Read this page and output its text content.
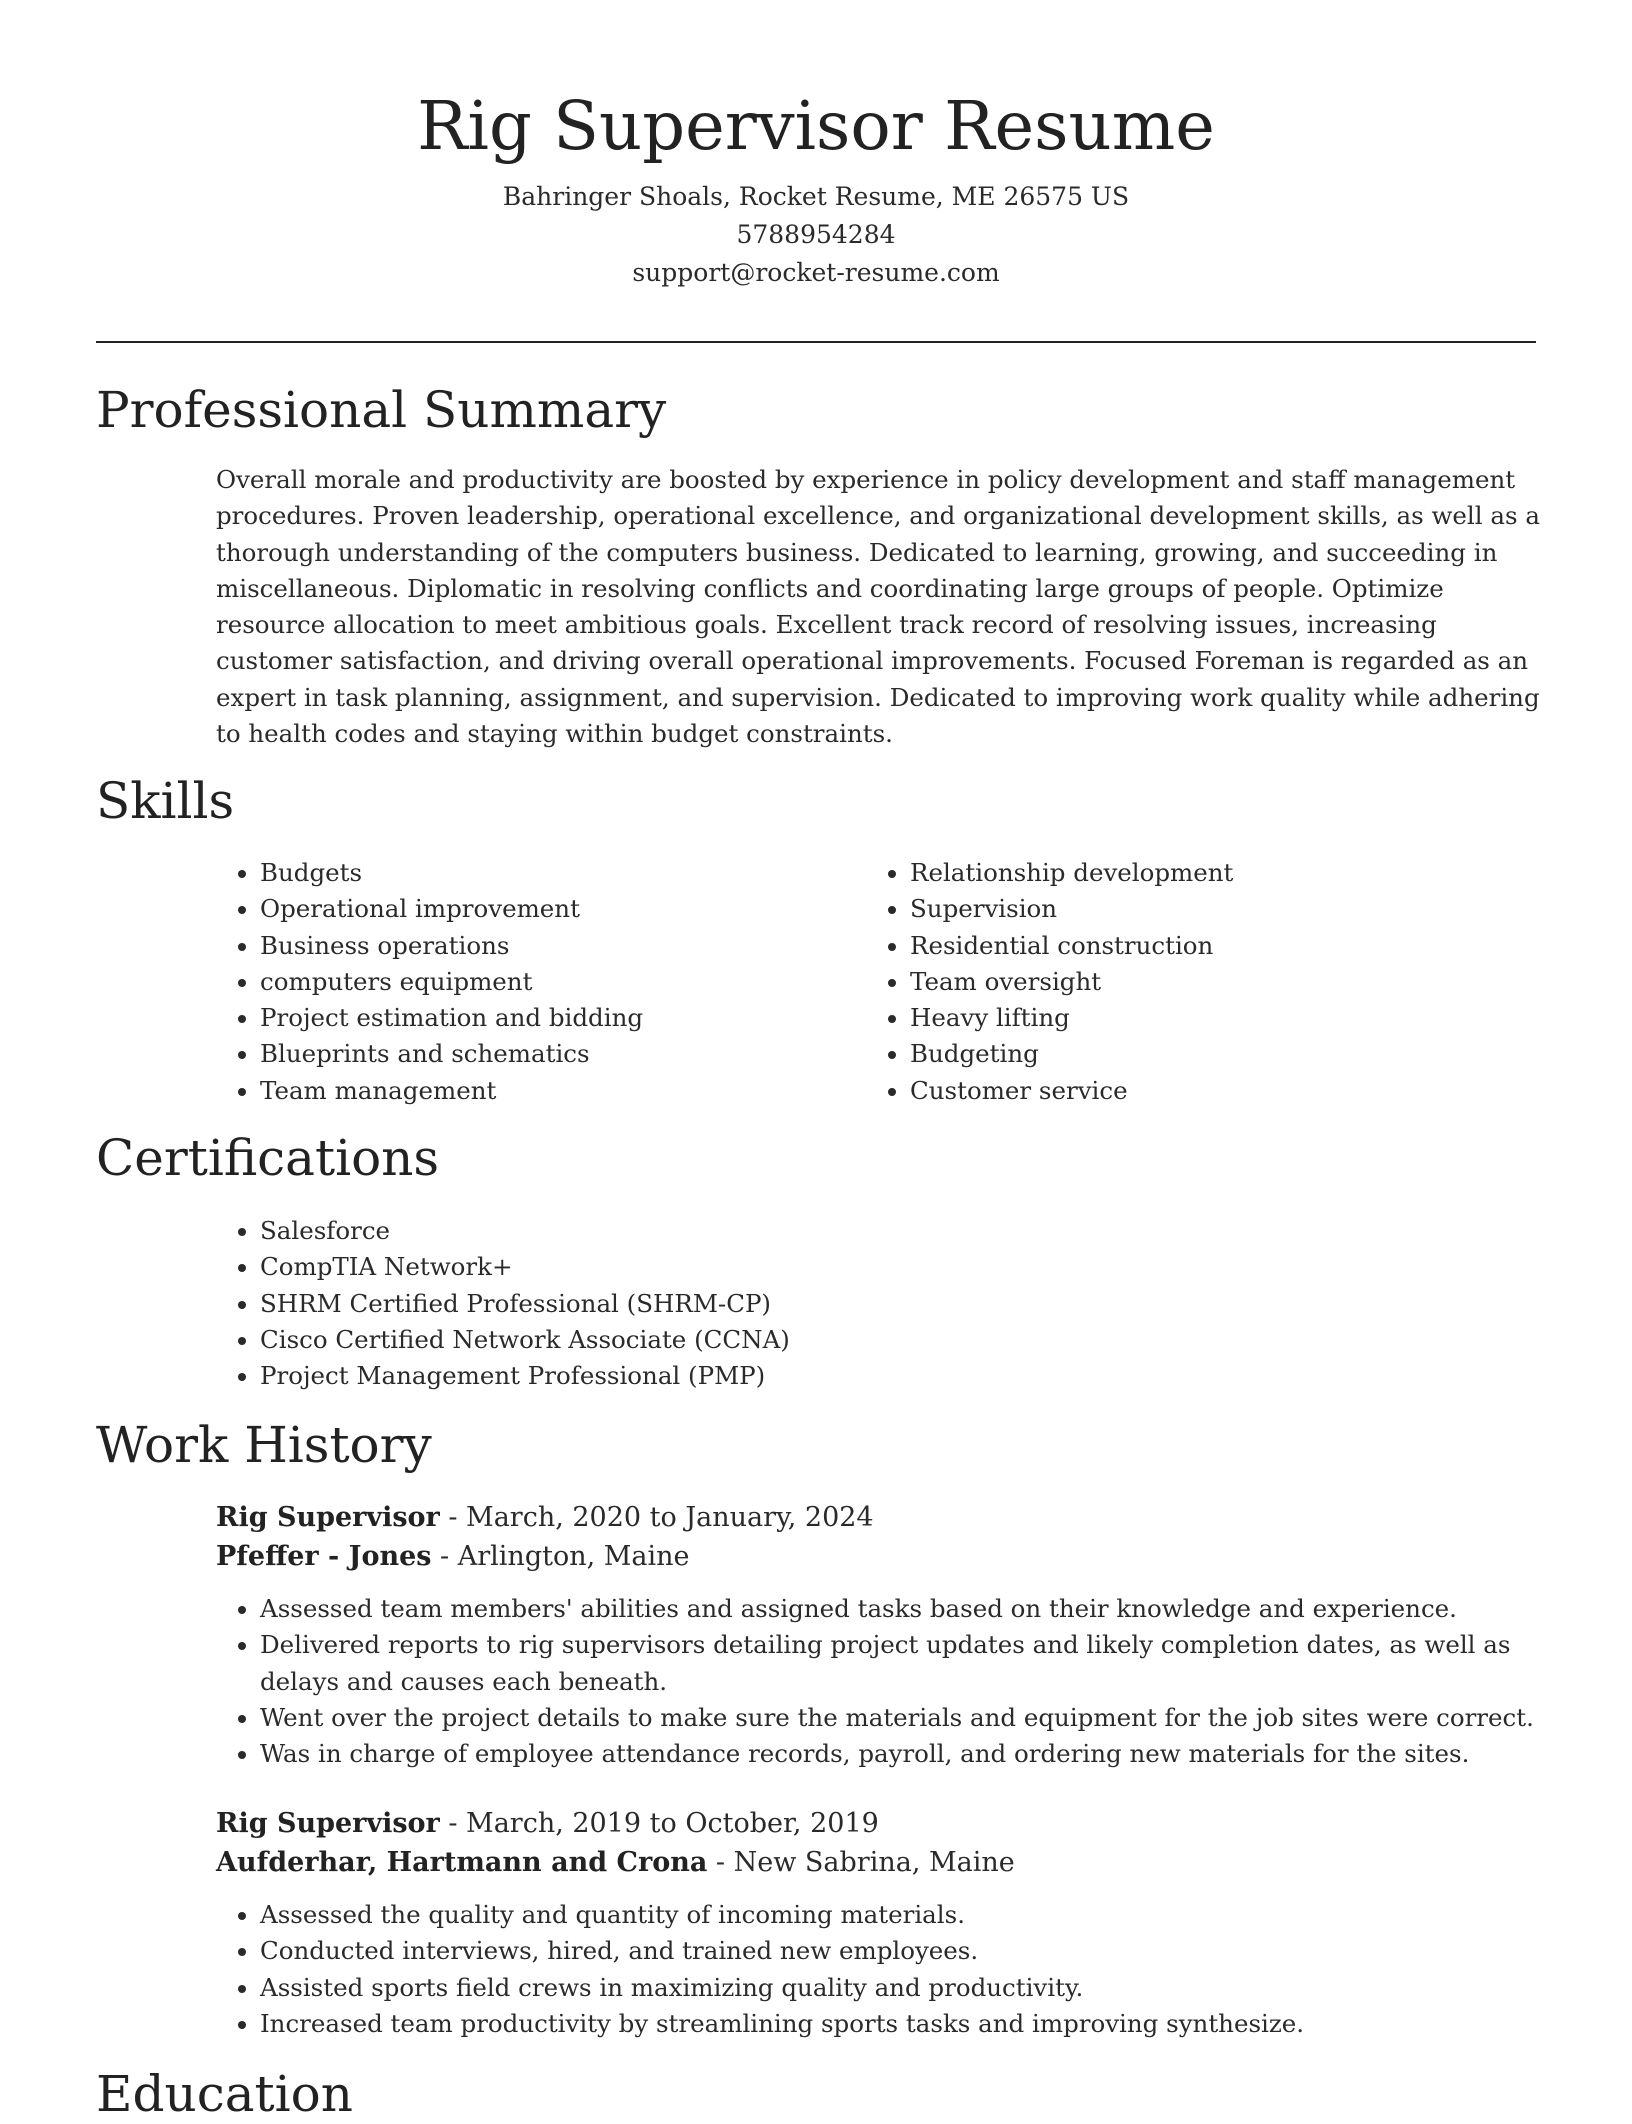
Rig Supervisor Resume
Bahringer Shoals, Rocket Resume, ME 26575 US
5788954284
support@rocket-resume.com
Professional Summary
Overall morale and productivity are boosted by experience in policy development and staff management procedures. Proven leadership, operational excellence, and organizational development skills, as well as a thorough understanding of the computers business. Dedicated to learning, growing, and succeeding in miscellaneous. Diplomatic in resolving conflicts and coordinating large groups of people. Optimize resource allocation to meet ambitious goals. Excellent track record of resolving issues, increasing customer satisfaction, and driving overall operational improvements. Focused Foreman is regarded as an expert in task planning, assignment, and supervision. Dedicated to improving work quality while adhering to health codes and staying within budget constraints.
Skills
• Budgets
• Operational improvement
• Business operations
• computers equipment
• Project estimation and bidding
• Blueprints and schematics
• Team management
• Relationship development
• Supervision
• Residential construction
• Team oversight
• Heavy lifting
• Budgeting
• Customer service
Certifications
• Salesforce
• CompTIA Network+
• SHRM Certified Professional (SHRM-CP)
• Cisco Certified Network Associate (CCNA)
• Project Management Professional (PMP)
Work History
Rig Supervisor - March, 2020 to January, 2024
Pfeffer - Jones - Arlington, Maine
• Assessed team members' abilities and assigned tasks based on their knowledge and experience.
• Delivered reports to rig supervisors detailing project updates and likely completion dates, as well as delays and causes each beneath.
• Went over the project details to make sure the materials and equipment for the job sites were correct.
• Was in charge of employee attendance records, payroll, and ordering new materials for the sites.
Rig Supervisor - March, 2019 to October, 2019
Aufderhar, Hartmann and Crona - New Sabrina, Maine
• Assessed the quality and quantity of incoming materials.
• Conducted interviews, hired, and trained new employees.
• Assisted sports field crews in maximizing quality and productivity.
• Increased team productivity by streamlining sports tasks and improving synthesize.
Education
